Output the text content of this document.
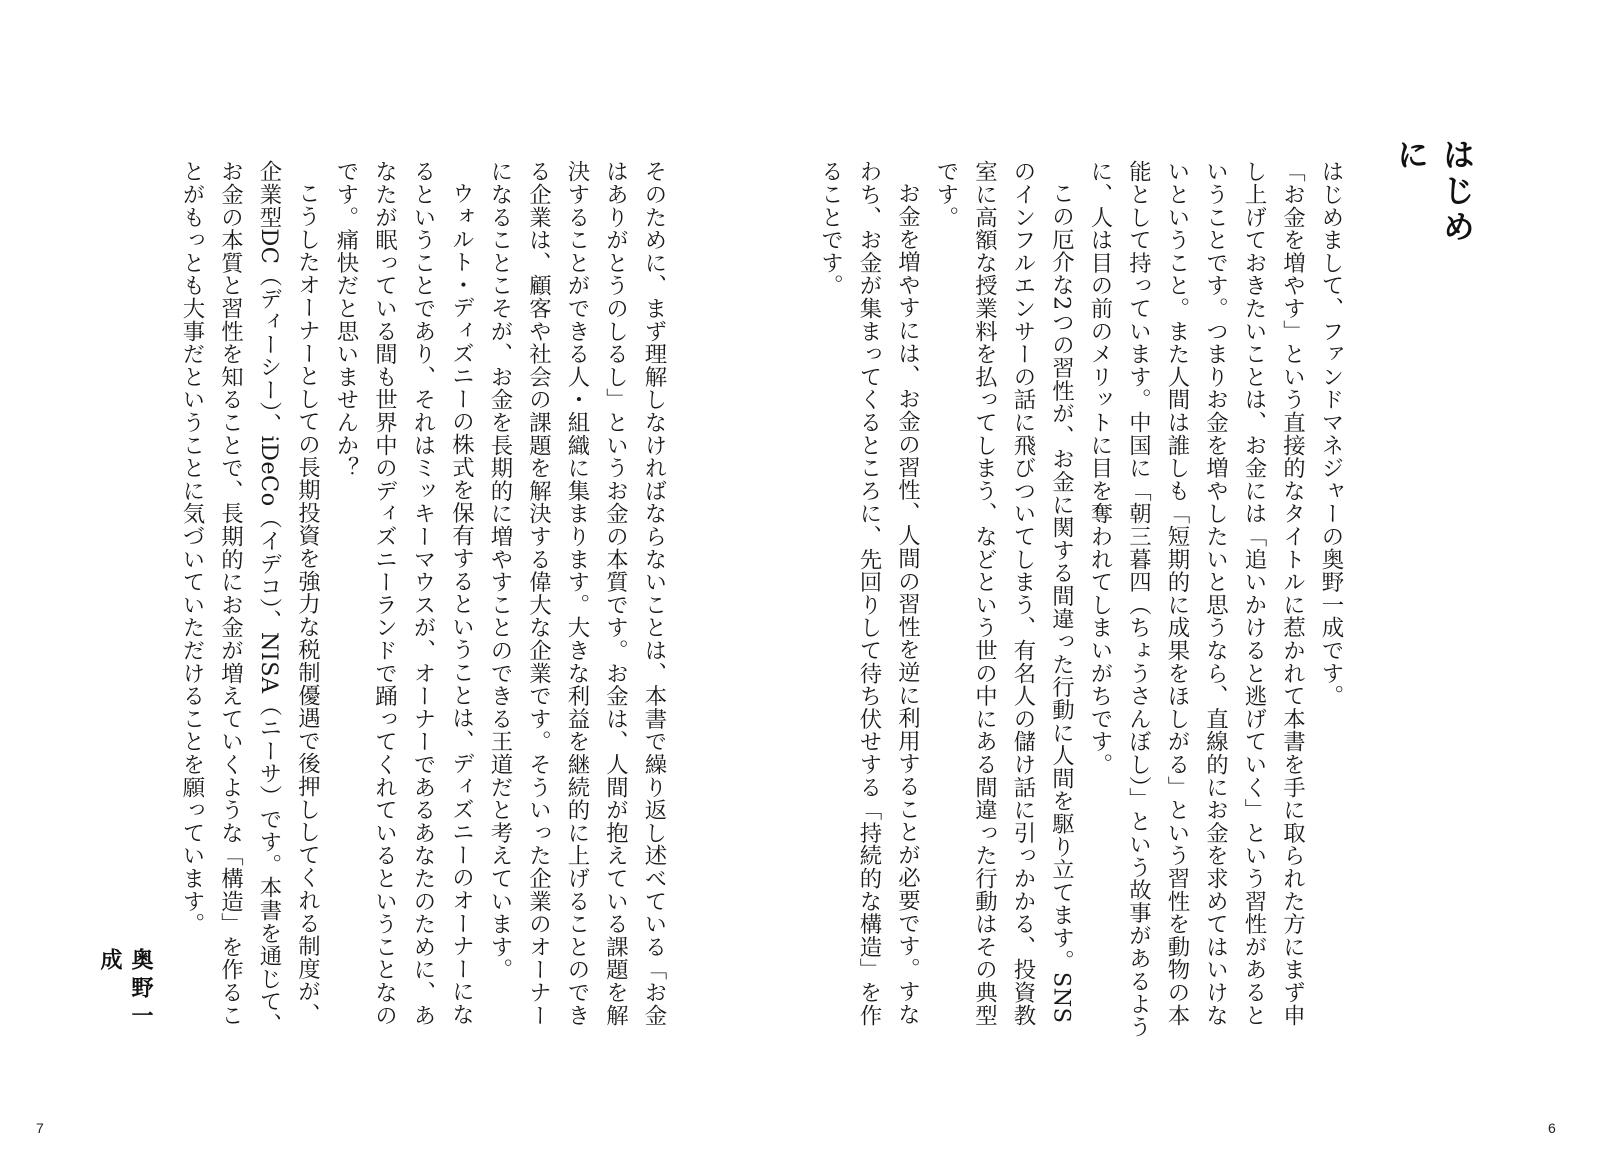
はじめに

はじめまして、ファンドマネジャーの奥野一成です。

「お金を増やす」という直接的なタイトルに惹かれて本書を手に取られた方にまず申し上げておきたいことは、お金には「追いかけると逃げていく」という習性があるということです。つまりお金を増やしたいと思うなら、直線的にお金を求めてはいけないということ。また人間は誰しも「短期的に成果をほしがる」という習性を動物の本能として持っています。中国に「朝三暮四（ちょうさんぼし）」という故事があるように、人は目の前のメリットに目を奪われてしまいがちです。

この厄介な2つの習性が、お金に関する間違った行動に人間を駆り立てます。SNSのインフルエンサーの話に飛びついてしまう、有名人の儲け話に引っかかる、投資教室に高額な授業料を払ってしまう、などという世の中にある間違った行動はその典型です。

お金を増やすには、お金の習性、人間の習性を逆に利用することが必要です。すなわち、お金が集まってくるところに、先回りして待ち伏せする「持続的な構造」を作ることです。

6

そのために、まず理解しなければならないことは、本書で繰り返し述べている「お金はありがとうのしるし」というお金の本質です。お金は、人間が抱えている課題を解決することができる人・組織に集まります。大きな利益を継続的に上げることのできる企業は、顧客や社会の課題を解決する偉大な企業です。そういった企業のオーナーになることこそが、お金を長期的に増やすことのできる王道だと考えています。

ウォルト・ディズニーの株式を保有するということは、ディズニーのオーナーになるということであり、それはミッキーマウスが、オーナーであるあなたのために、あなたが眠っている間も世界中のディズニーランドで踊ってくれているということなのです。痛快だと思いませんか？

こうしたオーナーとしての長期投資を強力な税制優遇で後押ししてくれる制度が、企業型DC（ディーシー）、iDeCo（イデコ）、NISA（ニーサ）です。本書を通じて、お金の本質と習性を知ることで、長期的にお金が増えていくような「構造」を作ることがもっとも大事だということに気づいていただけることを願っています。

奥野一成
7
